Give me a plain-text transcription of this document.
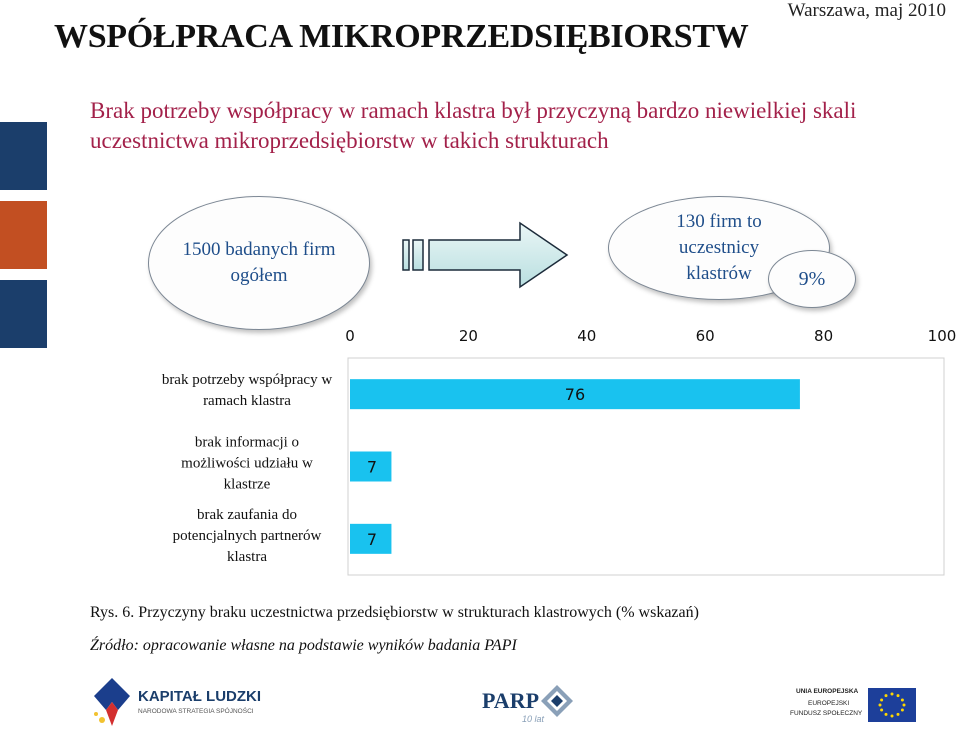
WSPÓŁPRACA MIKROPRZEDSIĘBIORSTW
Warszawa, maj 2010
Brak potrzeby współpracy w ramach klastra był przyczyną bardzo niewielkiej skali uczestnictwa mikroprzedsiębiorstw w takich strukturach
1500 badanych firm ogółem
130 firm to uczestnicy klastrów	9%
0	20	40	60	80	100
76
brak potrzeby współpracy w ramach klastra
7
brak informacji o możliwości udziału w klastrze
7
brak zaufania do potencjalnych partnerów klastra
Rys. 6. Przyczyny braku uczestnictwa przedsiębiorstw w strukturach klastrowych (% wskazań)
Źródło: opracowanie własne na podstawie wyników badania PAPI
KAPITAŁ LUDZKI
NARODOWA STRATEGIA SPÓJNOŚCI	PARP
10 lat
UNIA EUROPEJSKA
EUROPEJSKI
FUNDUSZ SPOŁECZNY
